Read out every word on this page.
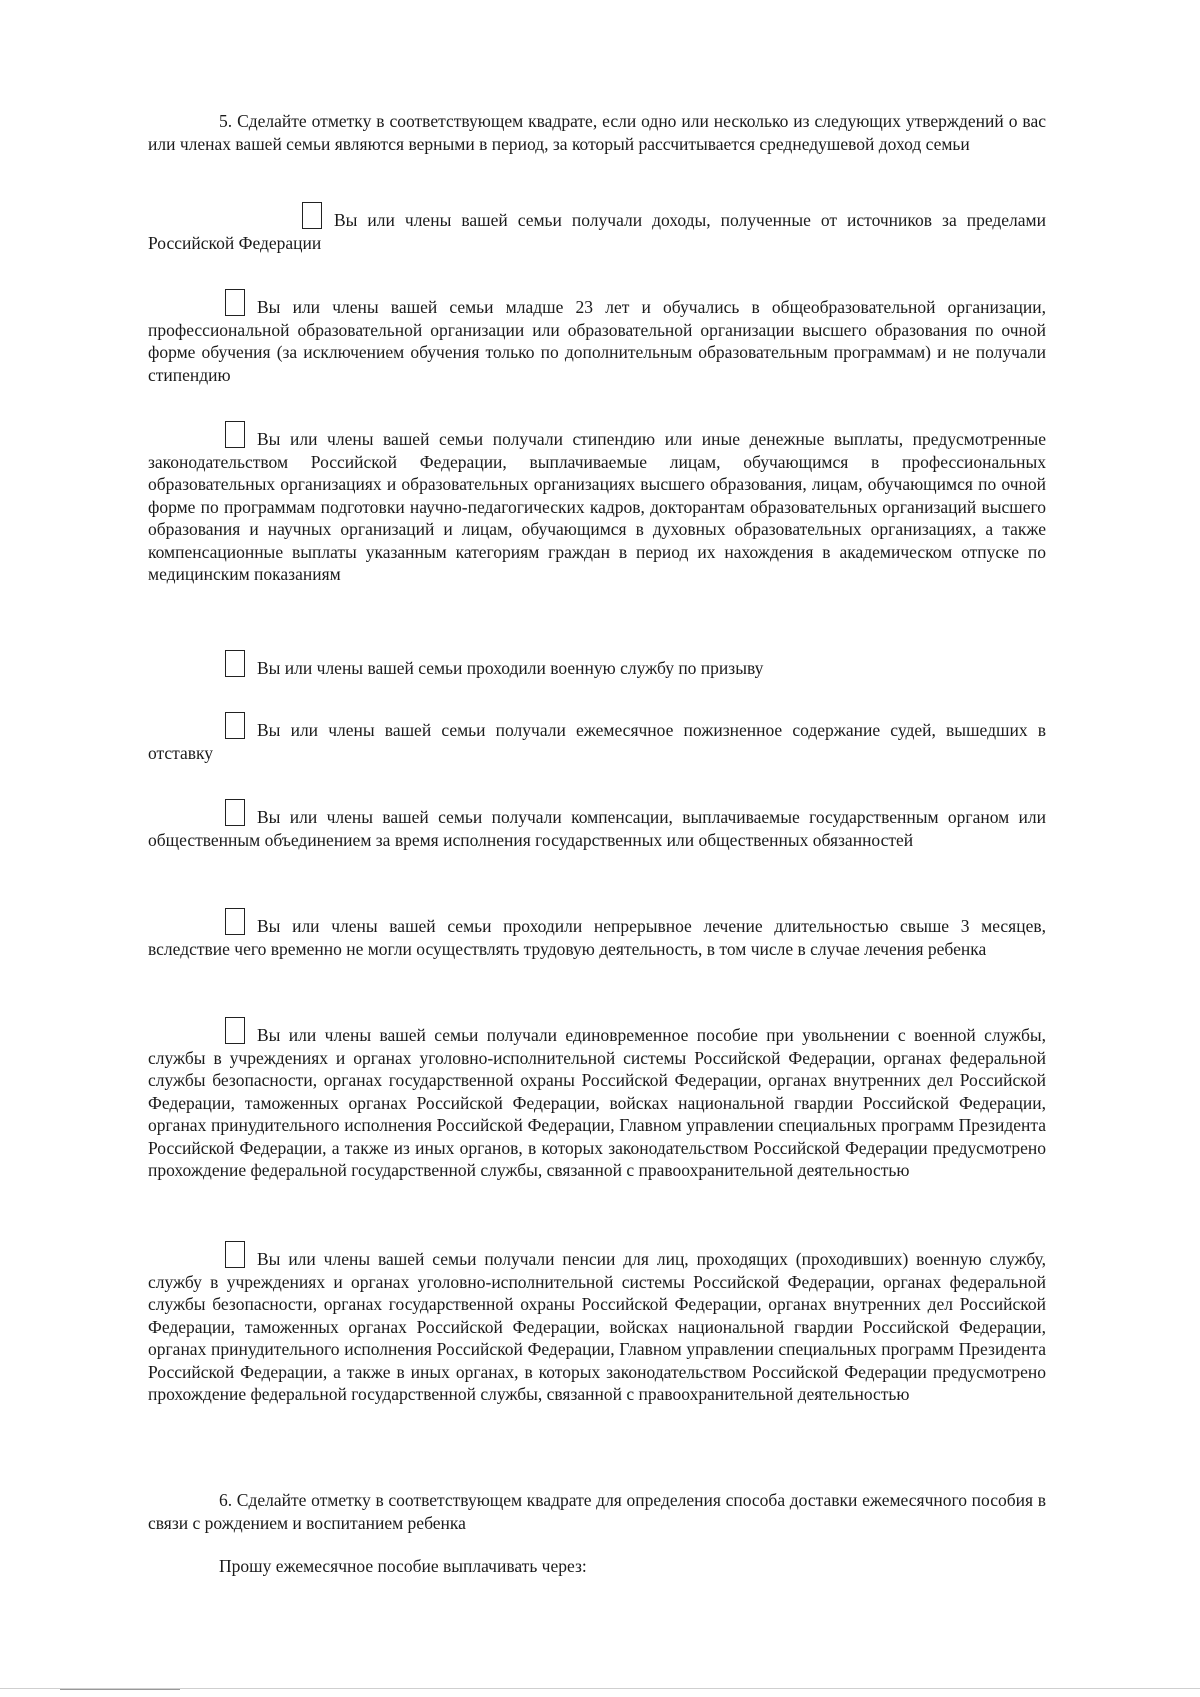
5. Сделайте отметку в соответствующем квадрате, если одно или несколько из следующих утверждений о вас или членах вашей семьи являются верными в период, за который рассчитывается среднедушевой доход семьи

Вы или члены вашей семьи получали доходы, полученные от источников за пределами Российской Федерации

Вы или члены вашей семьи младше 23 лет и обучались в общеобразовательной организации, профессиональной образовательной организации или образовательной организации высшего образования по очной форме обучения (за исключением обучения только по дополнительным образовательным программам) и не получали стипендию

Вы или члены вашей семьи получали стипендию или иные денежные выплаты, предусмотренные законодательством Российской Федерации, выплачиваемые лицам, обучающимся в профессиональных образовательных организациях и образовательных организациях высшего образования, лицам, обучающимся по очной форме по программам подготовки научно-педагогических кадров, докторантам образовательных организаций высшего образования и научных организаций и лицам, обучающимся в духовных образовательных организациях, а также компенсационные выплаты указанным категориям граждан в период их нахождения в академическом отпуске по медицинским показаниям

Вы или члены вашей семьи проходили военную службу по призыву

Вы или члены вашей семьи получали ежемесячное пожизненное содержание судей, вышедших в отставку

Вы или члены вашей семьи получали компенсации, выплачиваемые государственным органом или общественным объединением за время исполнения государственных или общественных обязанностей

Вы или члены вашей семьи проходили непрерывное лечение длительностью свыше 3 месяцев, вследствие чего временно не могли осуществлять трудовую деятельность, в том числе в случае лечения ребенка

Вы или члены вашей семьи получали единовременное пособие при увольнении с военной службы, службы в учреждениях и органах уголовно-исполнительной системы Российской Федерации, органах федеральной службы безопасности, органах государственной охраны Российской Федерации, органах внутренних дел Российской Федерации, таможенных органах Российской Федерации, войсках национальной гвардии Российской Федерации, органах принудительного исполнения Российской Федерации, Главном управлении специальных программ Президента Российской Федерации, а также из иных органов, в которых законодательством Российской Федерации предусмотрено прохождение федеральной государственной службы, связанной с правоохранительной деятельностью

Вы или члены вашей семьи получали пенсии для лиц, проходящих (проходивших) военную службу, службу в учреждениях и органах уголовно-исполнительной системы Российской Федерации, органах федеральной службы безопасности, органах государственной охраны Российской Федерации, органах внутренних дел Российской Федерации, таможенных органах Российской Федерации, войсках национальной гвардии Российской Федерации, органах принудительного исполнения Российской Федерации, Главном управлении специальных программ Президента Российской Федерации, а также в иных органах, в которых законодательством Российской Федерации предусмотрено прохождение федеральной государственной службы, связанной с правоохранительной деятельностью

6. Сделайте отметку в соответствующем квадрате для определения способа доставки ежемесячного пособия в связи с рождением и воспитанием ребенка

Прошу ежемесячное пособие выплачивать через:
